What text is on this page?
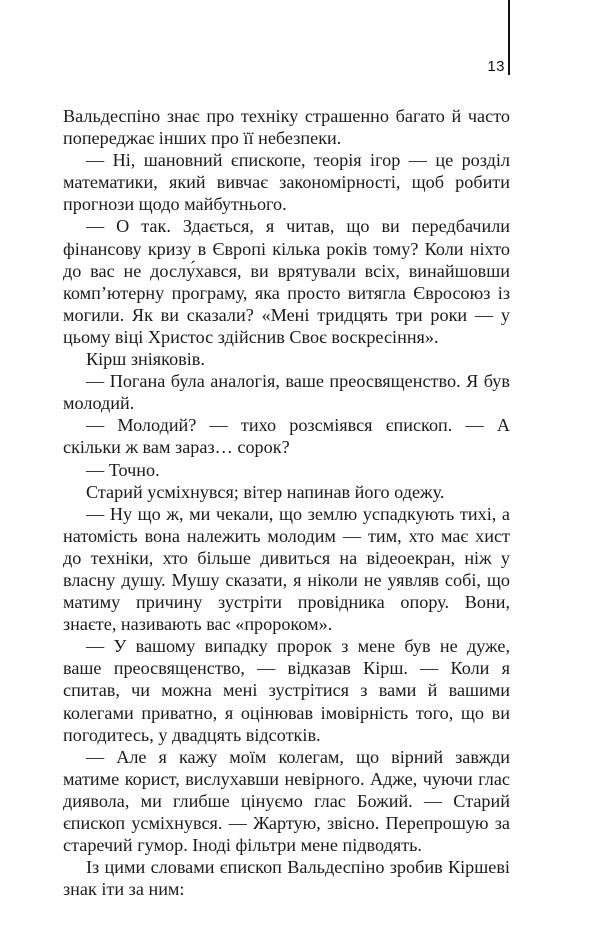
13

Вальдеспіно знає про техніку страшенно багато й часто попереджає інших про її небезпеки.

— Ні, шановний єпископе, теорія ігор — це розділ математики, який вивчає закономірності, щоб робити прогнози щодо майбутнього.

— О так. Здається, я читав, що ви передбачили фінансову кризу в Європі кілька років тому? Коли ніхто до вас не дослу́хався, ви врятували всіх, винайшовши комп’ютерну програму, яка просто витягла Євросоюз із могили. Як ви сказали? «Мені тридцять три роки — у цьому віці Христос здійснив Своє воскресіння».

Кірш зніяковів.

— Погана була аналогія, ваше преосвященство. Я був молодий.

— Молодий? — тихо розсміявся єпископ. — А скільки ж вам зараз… сорок?

— Точно.

Старий усміхнувся; вітер напинав його одежу.

— Ну що ж, ми чекали, що землю успадкують тихі, а натомість вона належить молодим — тим, хто має хист до техніки, хто більше дивиться на відеоекран, ніж у власну душу. Мушу сказати, я ніколи не уявляв собі, що матиму причину зустріти провідника опору. Вони, знаєте, називають вас «пророком».

— У вашому випадку пророк з мене був не дуже, ваше преосвященство, — відказав Кірш. — Коли я спитав, чи можна мені зустрітися з вами й вашими колегами приватно, я оцінював імовірність того, що ви погодитесь, у двадцять відсотків.

— Але я кажу моїм колегам, що вірний завжди матиме корист, вислухавши невірного. Адже, чуючи глас диявола, ми глибше цінуємо глас Божий. — Старий єпископ усміхнувся. — Жартую, звісно. Перепрошую за старечий гумор. Іноді фільтри мене підводять.

Із цими словами єпископ Вальдеспіно зробив Кіршеві знак іти за ним:
